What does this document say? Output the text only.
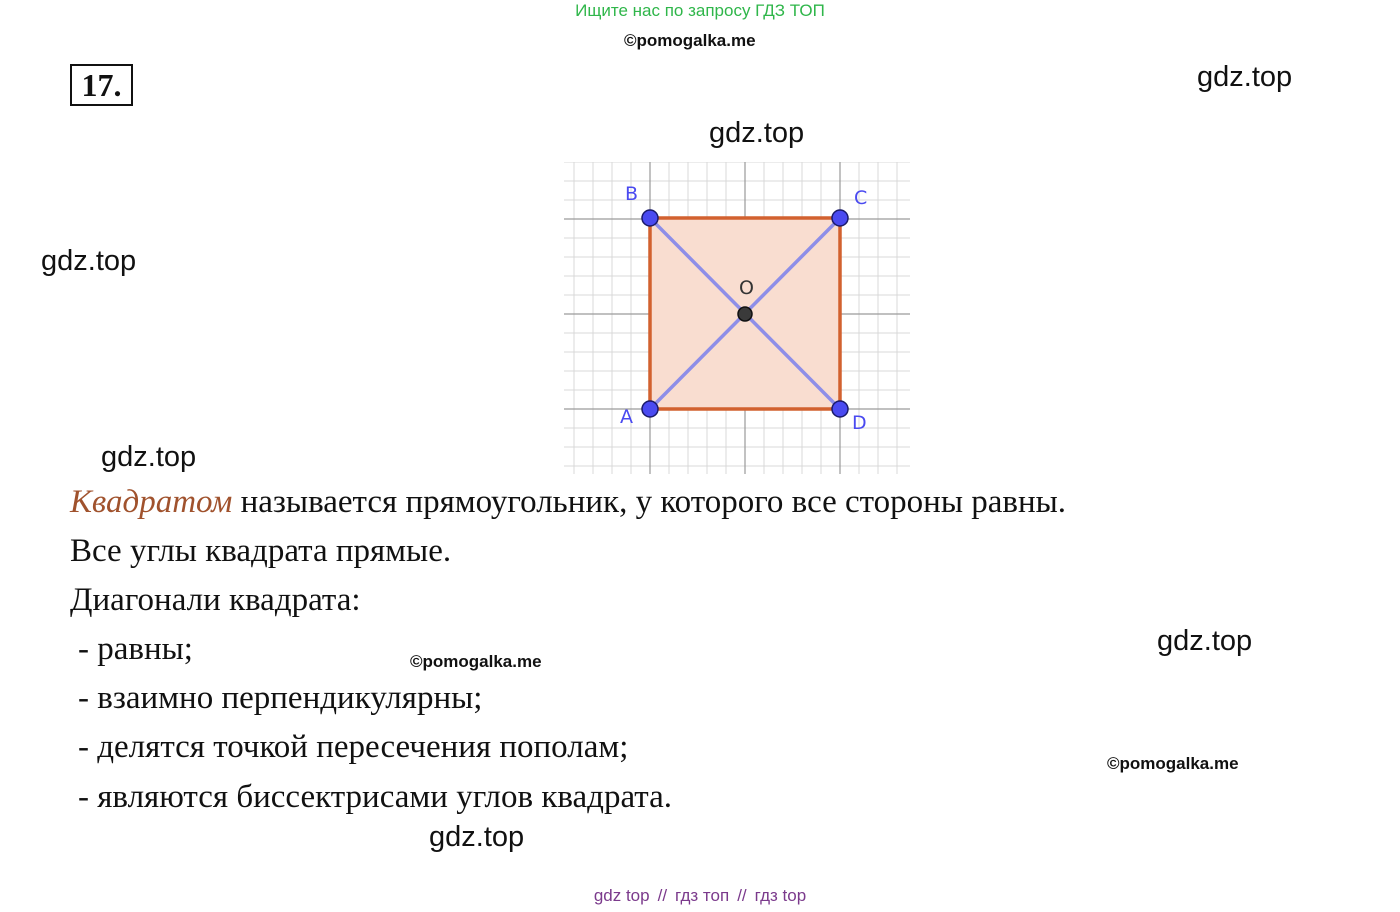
Ищите нас по запросу ГДЗ ТОП
©pomogalka.me
17.	gdz.top
gdz.top
gdz.top
gdz.top
A
B	C
D
O
Квадратом называется прямоугольник, у которого все стороны равны.
Все углы квадрата прямые.
Диагонали квадрата:
- равны;
- взаимно перпендикулярны;
- делятся точкой пересечения пополам;
- являются биссектрисами углов квадрата.
©pomogalka.me
gdz.top
©pomogalka.me
gdz.top
gdz top // гдз топ // гдз top
